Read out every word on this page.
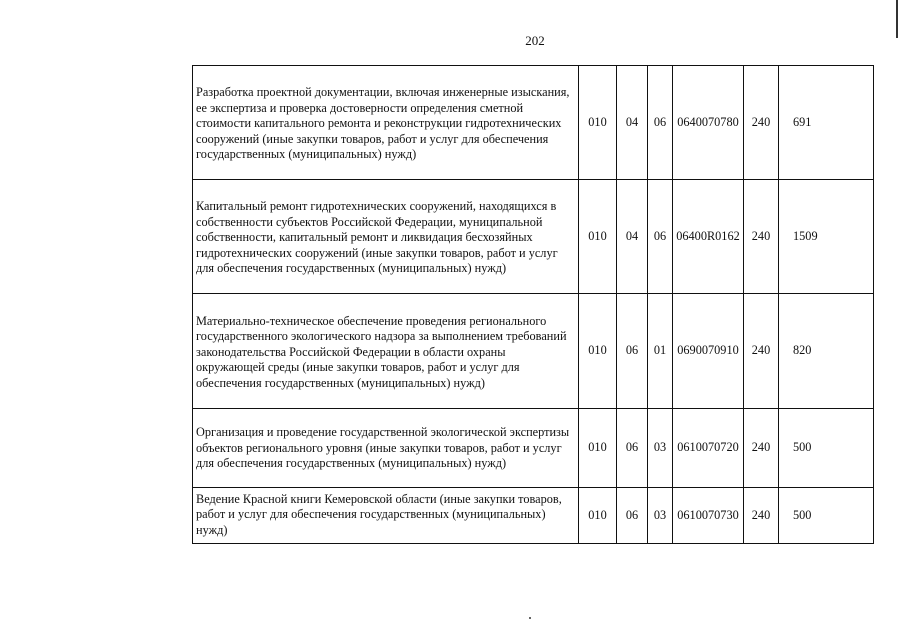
202
Разработка проектной документации, включая инженерные изыскания, ее экспертиза и проверка достоверности определения сметной стоимости капитального ремонта и реконструкции гидротехнических сооружений (иные закупки товаров, работ и услуг для обеспечения государственных (муниципальных) нужд)	010	04	06	0640070780	240	691
Капитальный ремонт гидротехнических сооружений, находящихся в собственности субъектов Российской Федерации, муниципальной собственности, капитальный ремонт и ликвидация бесхозяйных гидротехнических сооружений (иные закупки товаров, работ и услуг для обеспечения государственных (муниципальных) нужд)	010	04	06	06400R0162	240	1509
Материально-техническое обеспечение проведения регионального государственного экологического надзора за выполнением требований законодательства Российской Федерации в области охраны окружающей среды (иные закупки товаров, работ и услуг для обеспечения государственных (муниципальных) нужд)	010	06	01	0690070910	240	820
Организация и проведение государственной экологической экспертизы объектов регионального уровня (иные закупки товаров, работ и услуг для обеспечения государственных (муниципальных) нужд)	010	06	03	0610070720	240	500
Ведение Красной книги Кемеровской области (иные закупки товаров, работ и услуг для обеспечения государственных (муниципальных) нужд)	010	06	03	0610070730	240	500
